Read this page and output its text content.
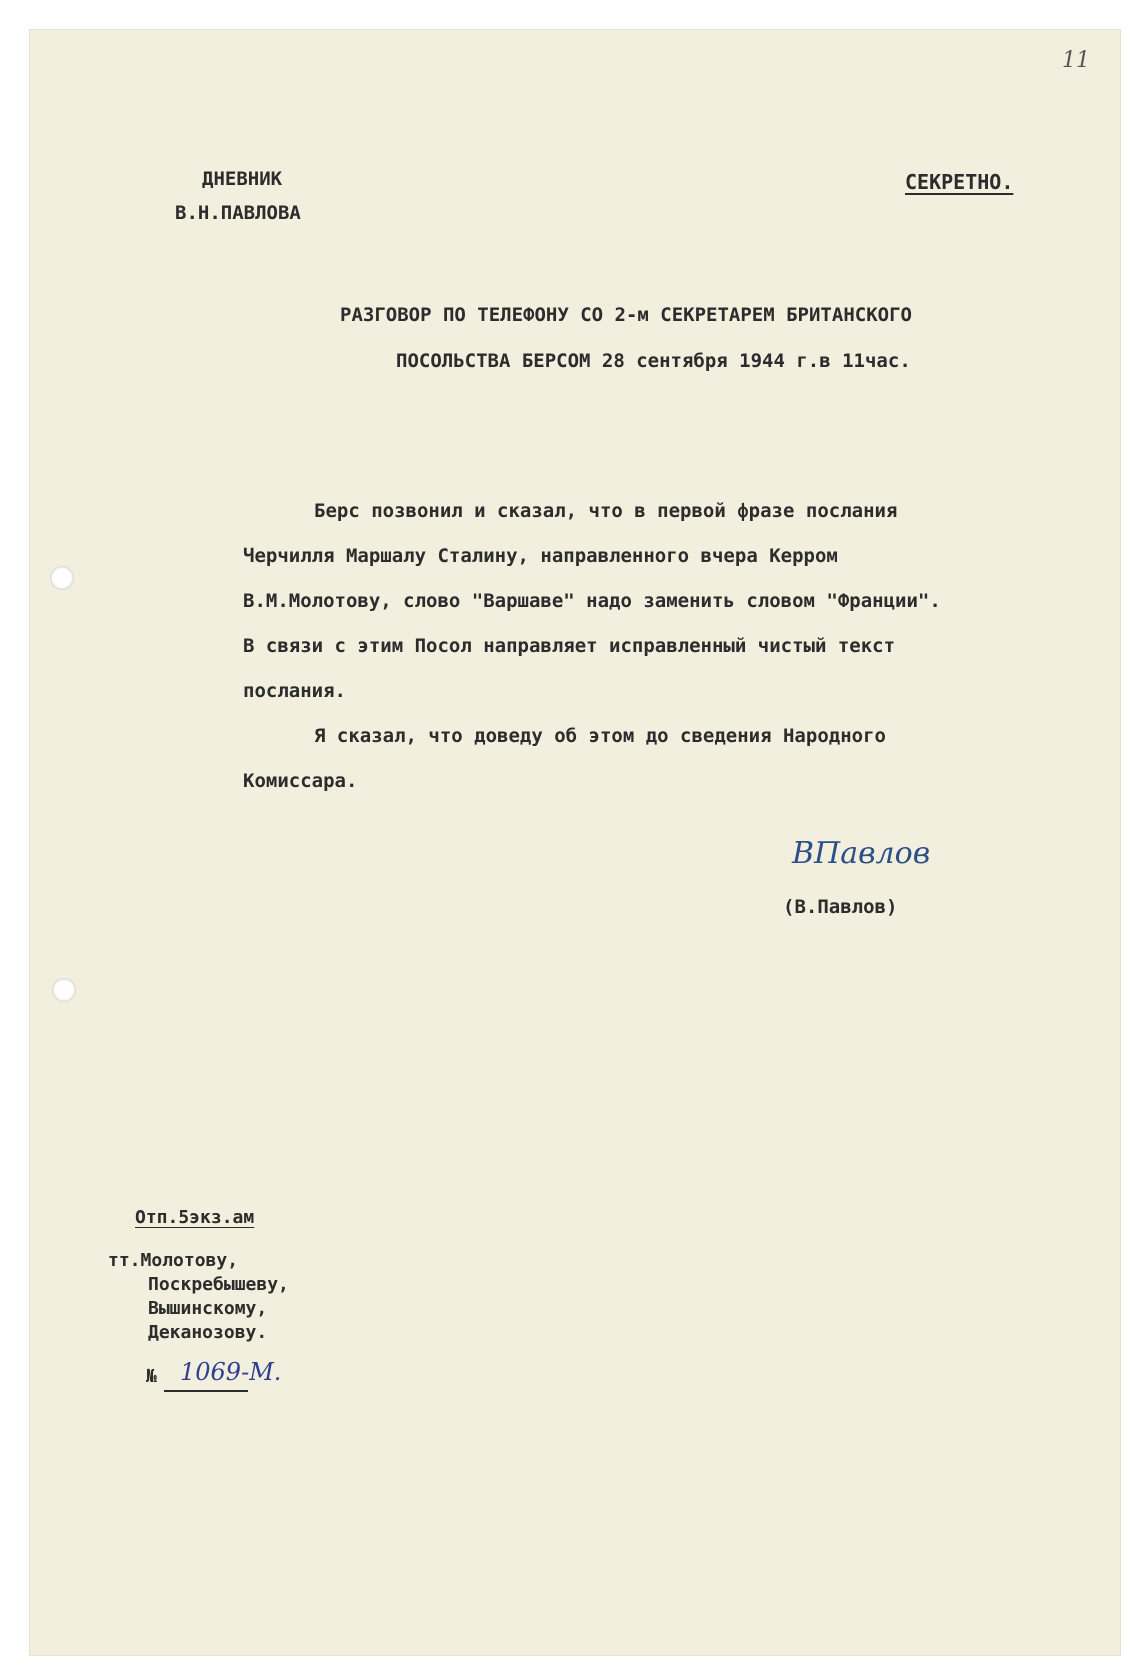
11
ДНЕВНИК
В.Н.ПАВЛОВА
СЕКРЕТНО.
РАЗГОВОР ПО ТЕЛЕФОНУ СО 2-м СЕКРЕТАРЕМ БРИТАНСКОГО
ПОСОЛЬСТВА БЕРСОМ 28 сентября 1944 г.в 11час.
Берс позвонил и сказал, что в первой фразе послания
Черчилля Маршалу Сталину, направленного вчера Керром
В.М.Молотову, слово "Варшаве" надо заменить словом "Франции".
В связи с этим Посол направляет исправленный чистый текст
послания.
Я сказал, что доведу об этом до сведения Народного
Комиссара.
ВПавлов
(В.Павлов)
Отп.5экз.ам
тт.Молотову,
Поскребышеву,
Вышинскому,
Деканозову.
№ 1069-М.
